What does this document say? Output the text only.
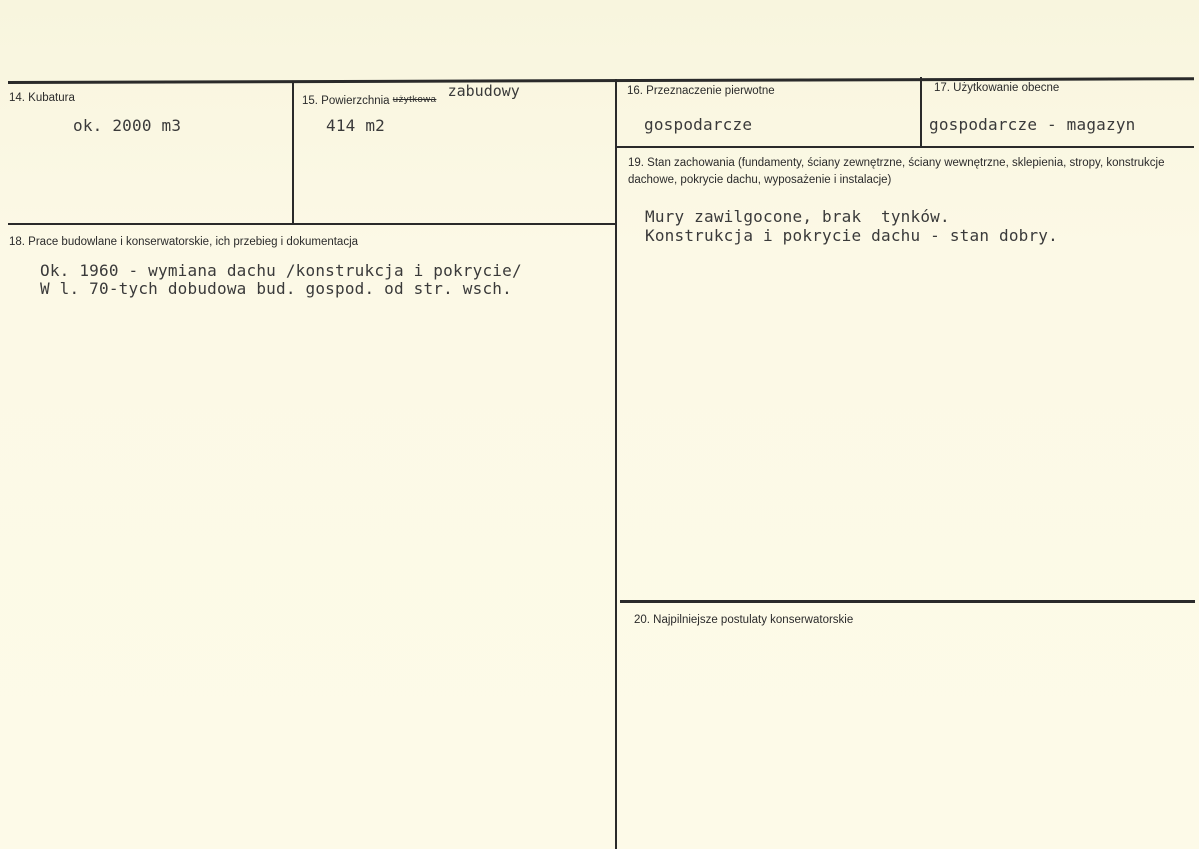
14. Kubatura
ok. 2000 m3
15. Powierzchnia $_{użytkowa}$ zabudowy
414 m2
16. Przeznaczenie pierwotne
gospodarcze
17. Użytkowanie obecne
gospodarcze - magazyn
18. Prace budowlane i konserwatorskie, ich przebieg i dokumentacja
Ok. 1960 - wymiana dachu /konstrukcja i pokrycie/
W l. 70-tych dobudowa bud. gospod. od str. wsch.
19. Stan zachowania (fundamenty, ściany zewnętrzne, ściany wewnętrzne, sklepienia, stropy, konstrukcje dachowe, pokrycie dachu, wyposażenie i instalacje)
Mury zawilgocone, brak  tynków.
Konstrukcja i pokrycie dachu - stan dobry.
20. Najpilniejsze postulaty konserwatorskie
